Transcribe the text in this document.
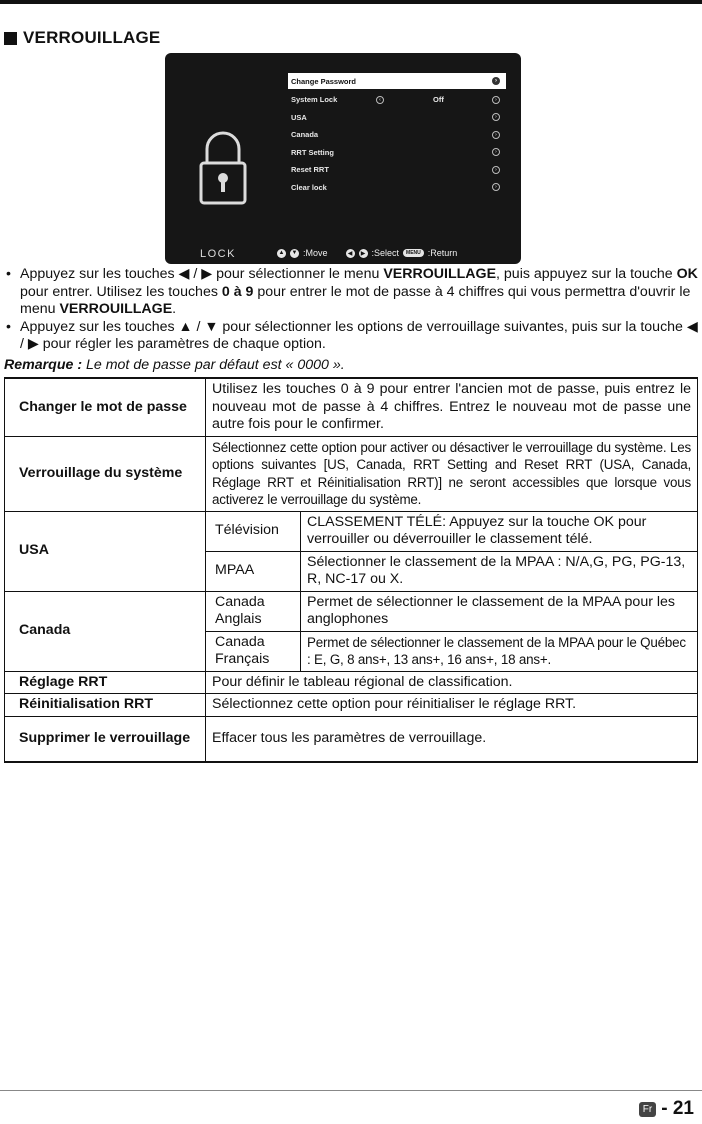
VERROUILLAGE
LOCK
Change Password	›
System Lock	‹	Off	›
USA	›
Canada	›
RRT Setting	›
Reset RRT	›
Clear lock	›
▲ ▼ :Move	◀	▶ :Select	MENU :Return
• Appuyez sur les touches ◀ / ▶ pour sélectionner le menu VERROUILLAGE, puis appuyez sur la touche OK pour entrer. Utilisez les touches 0 à 9 pour entrer le mot de passe à 4 chiffres qui vous permettra d'ouvrir le menu VERROUILLAGE.
• Appuyez sur les touches ▲ / ▼ pour sélectionner les options de verrouillage suivantes, puis sur la touche ◀ / ▶ pour régler les paramètres de chaque option.
Remarque : Le mot de passe par défaut est « 0000 ».
Changer le mot de passe	Utilisez les touches 0 à 9 pour entrer l'ancien mot de passe, puis entrez le nouveau mot de passe à 4 chiffres. Entrez le nouveau mot de passe une autre fois pour le confirmer.	
Verrouillage du système	Sélectionnez cette option pour activer ou désactiver le verrouillage du système. Les options suivantes [US, Canada, RRT Setting and Reset RRT (USA, Canada, Réglage RRT et Réinitialisation RRT)] ne seront accessibles que lorsque vous activerez le verrouillage du système.	
USA	Télévision	CLASSEMENT TÉLÉ: Appuyez sur la touche OK pour verrouiller ou déverrouiller le classement télé.
	MPAA	Sélectionner le classement de la MPAA : N/A,G, PG, PG-13, R, NC-17 ou X.
Canada	Canada Anglais	Permet de sélectionner le classement de la MPAA pour les anglophones
	Canada Français	Permet de sélectionner le classement de la MPAA pour le Québec : E, G, 8 ans+, 13 ans+, 16 ans+, 18 ans+.
Réglage RRT	Pour définir le tableau régional de classification.	
Réinitialisation RRT	Sélectionnez cette option pour réinitialiser le réglage RRT.	
Supprimer le verrouillage	Effacer tous les paramètres de verrouillage.	
Fr - 21
